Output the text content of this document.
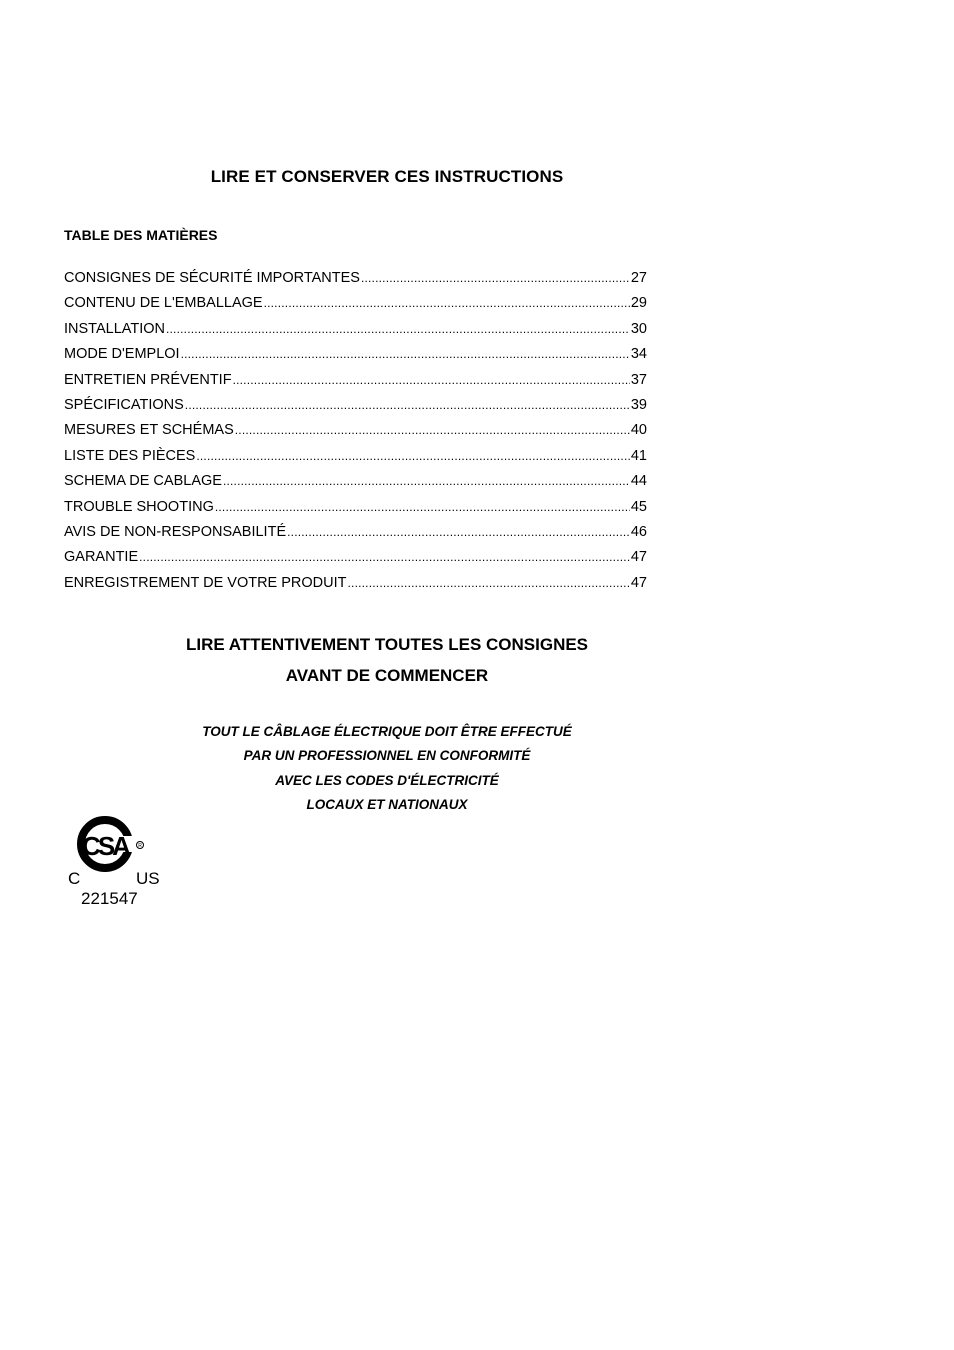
LIRE ET CONSERVER CES INSTRUCTIONS
TABLE DES MATIÈRES
CONSIGNES DE SÉCURITÉ IMPORTANTES .....	27
CONTENU DE L'EMBALLAGE .....	29
INSTALLATION .....	30
MODE D'EMPLOI .....	34
ENTRETIEN PRÉVENTIF .....	37
SPÉCIFICATIONS .....	39
MESURES ET SCHÉMAS .....	40
LISTE DES PIÈCES .....	41
SCHEMA DE CABLAGE .....	44
TROUBLE SHOOTING .....	45
AVIS DE NON-RESPONSABILITÉ .....	46
GARANTIE .....	47
ENREGISTREMENT DE VOTRE PRODUIT .....	47
LIRE ATTENTIVEMENT TOUTES LES CONSIGNES
AVANT DE COMMENCER
TOUT LE CÂBLAGE ÉLECTRIQUE DOIT ÊTRE EFFECTUÉ
PAR UN PROFESSIONNEL EN CONFORMITÉ
AVEC LES CODES D'ÉLECTRICITÉ
LOCAUX ET NATIONAUX
CSA	R
C	US
221547
